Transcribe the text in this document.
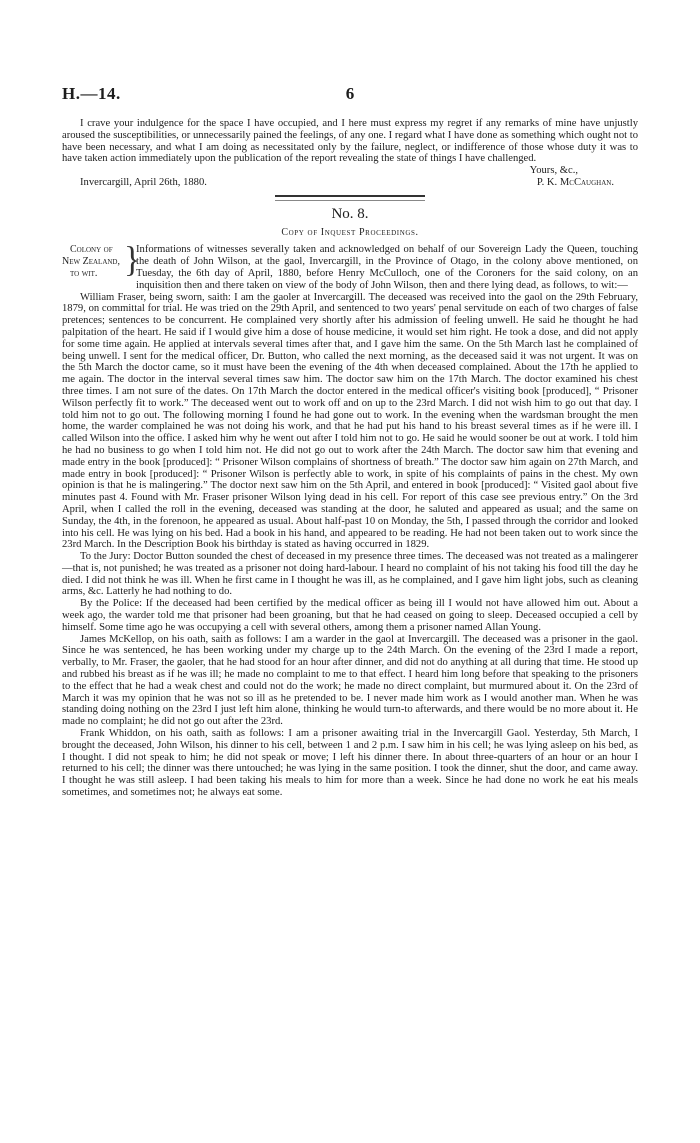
H.—14.	6

I crave your indulgence for the space I have occupied, and I here must express my regret if any remarks of mine have unjustly aroused the susceptibilities, or unnecessarily pained the feelings, of any one. I regard what I have done as something which ought not to have been necessary, and what I am doing as necessitated only by the failure, neglect, or indifference of those whose duty it was to have taken action immediately upon the publication of the report revealing the state of things I have challenged.

Yours, &c.,
Invercargill, April 26th, 1880.	P. K. McCaughan.
No. 8.
Copy of Inquest Proceedings.
Colony of
New Zealand,
to wit. }
Informations of witnesses severally taken and acknowledged on behalf of our Sovereign Lady the Queen, touching the death of John Wilson, at the gaol, Invercargill, in the Province of Otago, in the colony above mentioned, on Tuesday, the 6th day of April, 1880, before Henry McCulloch, one of the Coroners for the said colony, on an inquisition then and there taken on view of the body of John Wilson, then and there lying dead, as follows, to wit:—

William Fraser, being sworn, saith: I am the gaoler at Invercargill. The deceased was received into the gaol on the 29th February, 1879, on committal for trial. He was tried on the 29th April, and sentenced to two years' penal servitude on each of two charges of false pretences; sentences to be concurrent. He complained very shortly after his admission of feeling unwell. He said he thought he had palpitation of the heart. He said if I would give him a dose of house medicine, it would set him right. He took a dose, and did not apply for some time again. He applied at intervals several times after that, and I gave him the same. On the 5th March last he complained of being unwell. I sent for the medical officer, Dr. Button, who called the next morning, as the deceased said it was not urgent. It was on the 5th March the doctor came, so it must have been the evening of the 4th when deceased complained. About the 17th he applied to me again. The doctor in the interval several times saw him. The doctor saw him on the 17th March. The doctor examined his chest three times. I am not sure of the dates. On 17th March the doctor entered in the medical officer's visiting book [produced], “ Prisoner Wilson perfectly fit to work.” The deceased went out to work off and on up to the 23rd March. I did not wish him to go out that day. I told him not to go out. The following morning I found he had gone out to work. In the evening when the wardsman brought the men home, the warder complained he was not doing his work, and that he had put his hand to his breast several times as if he were ill. I called Wilson into the office. I asked him why he went out after I told him not to go. He said he would sooner be out at work. I told him he had no business to go when I told him not. He did not go out to work after the 24th March. The doctor saw him that evening and made entry in the book [produced]: “ Prisoner Wilson complains of shortness of breath.” The doctor saw him again on 27th March, and made entry in book [produced]: “ Prisoner Wilson is perfectly able to work, in spite of his complaints of pains in the chest. My own opinion is that he is malingering.” The doctor next saw him on the 5th April, and entered in book [produced]: “ Visited gaol about five minutes past 4. Found with Mr. Fraser prisoner Wilson lying dead in his cell. For report of this case see previous entry.” On the 3rd April, when I called the roll in the evening, deceased was standing at the door, he saluted and appeared as usual; and the same on Sunday, the 4th, in the forenoon, he appeared as usual. About half-past 10 on Monday, the 5th, I passed through the corridor and looked into his cell. He was lying on his bed. Had a book in his hand, and appeared to be reading. He had not been taken out to work since the 23rd March. In the Description Book his birthday is stated as having occurred in 1829.

To the Jury: Doctor Button sounded the chest of deceased in my presence three times. The deceased was not treated as a malingerer—that is, not punished; he was treated as a prisoner not doing hard-labour. I heard no complaint of his not taking his food till the day he died. I did not think he was ill. When he first came in I thought he was ill, as he complained, and I gave him light jobs, such as cleaning arms, &c. Latterly he had nothing to do.

By the Police: If the deceased had been certified by the medical officer as being ill I would not have allowed him out. About a week ago, the warder told me that prisoner had been groaning, but that he had ceased on going to sleep. Deceased occupied a cell by himself. Some time ago he was occupying a cell with several others, among them a prisoner named Allan Young.

James McKellop, on his oath, saith as follows: I am a warder in the gaol at Invercargill. The deceased was a prisoner in the gaol. Since he was sentenced, he has been working under my charge up to the 24th March. On the evening of the 23rd I made a report, verbally, to Mr. Fraser, the gaoler, that he had stood for an hour after dinner, and did not do anything at all during that time. He stood up and rubbed his breast as if he was ill; he made no complaint to me to that effect. I heard him long before that speaking to the prisoners to the effect that he had a weak chest and could not do the work; he made no direct complaint, but murmured about it. On the 23rd of March it was my opinion that he was not so ill as he pretended to be. I never made him work as I would another man. When he was standing doing nothing on the 23rd I just left him alone, thinking he would turn-to afterwards, and there would be no more about it. He made no complaint; he did not go out after the 23rd.

Frank Whiddon, on his oath, saith as follows: I am a prisoner awaiting trial in the Invercargill Gaol. Yesterday, 5th March, I brought the deceased, John Wilson, his dinner to his cell, between 1 and 2 p.m. I saw him in his cell; he was lying asleep on his bed, as I thought. I did not speak to him; he did not speak or move; I left his dinner there. In about three-quarters of an hour or an hour I returned to his cell; the dinner was there untouched; he was lying in the same position. I took the dinner, shut the door, and came away. I thought he was still asleep. I had been taking his meals to him for more than a week. Since he had done no work he eat his meals sometimes, and sometimes not; he always eat some.
